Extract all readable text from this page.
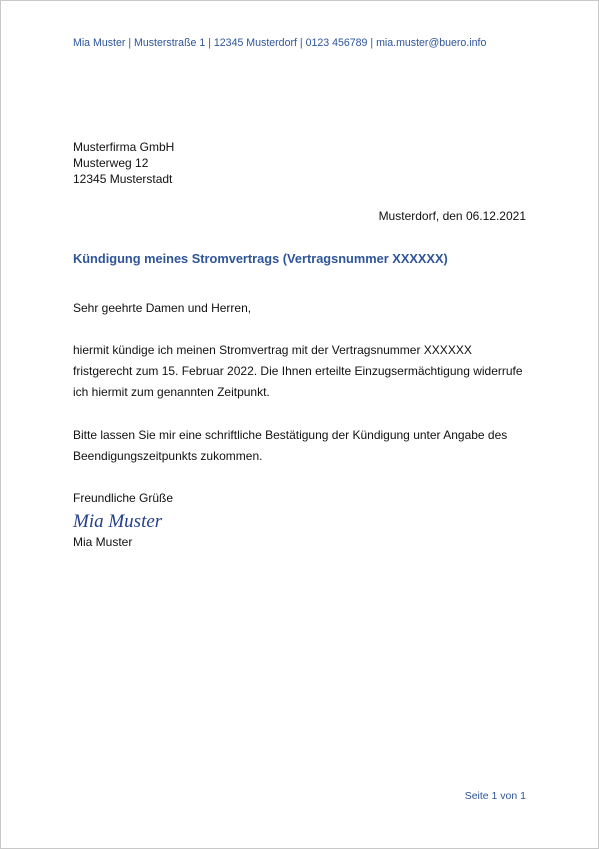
Mia Muster | Musterstraße 1 | 12345 Musterdorf | 0123 456789 | mia.muster@buero.info
Musterfirma GmbH
Musterweg 12
12345 Musterstadt
Musterdorf, den 06.12.2021
Kündigung meines Stromvertrags (Vertragsnummer XXXXXX)
Sehr geehrte Damen und Herren,
hiermit kündige ich meinen Stromvertrag mit der Vertragsnummer XXXXXX
fristgerecht zum 15. Februar 2022. Die Ihnen erteilte Einzugsermächtigung widerrufe
ich hiermit zum genannten Zeitpunkt.
Bitte lassen Sie mir eine schriftliche Bestätigung der Kündigung unter Angabe des
Beendigungszeitpunkts zukommen.
Freundliche Grüße
Mia Muster
Mia Muster
Seite 1 von 1
